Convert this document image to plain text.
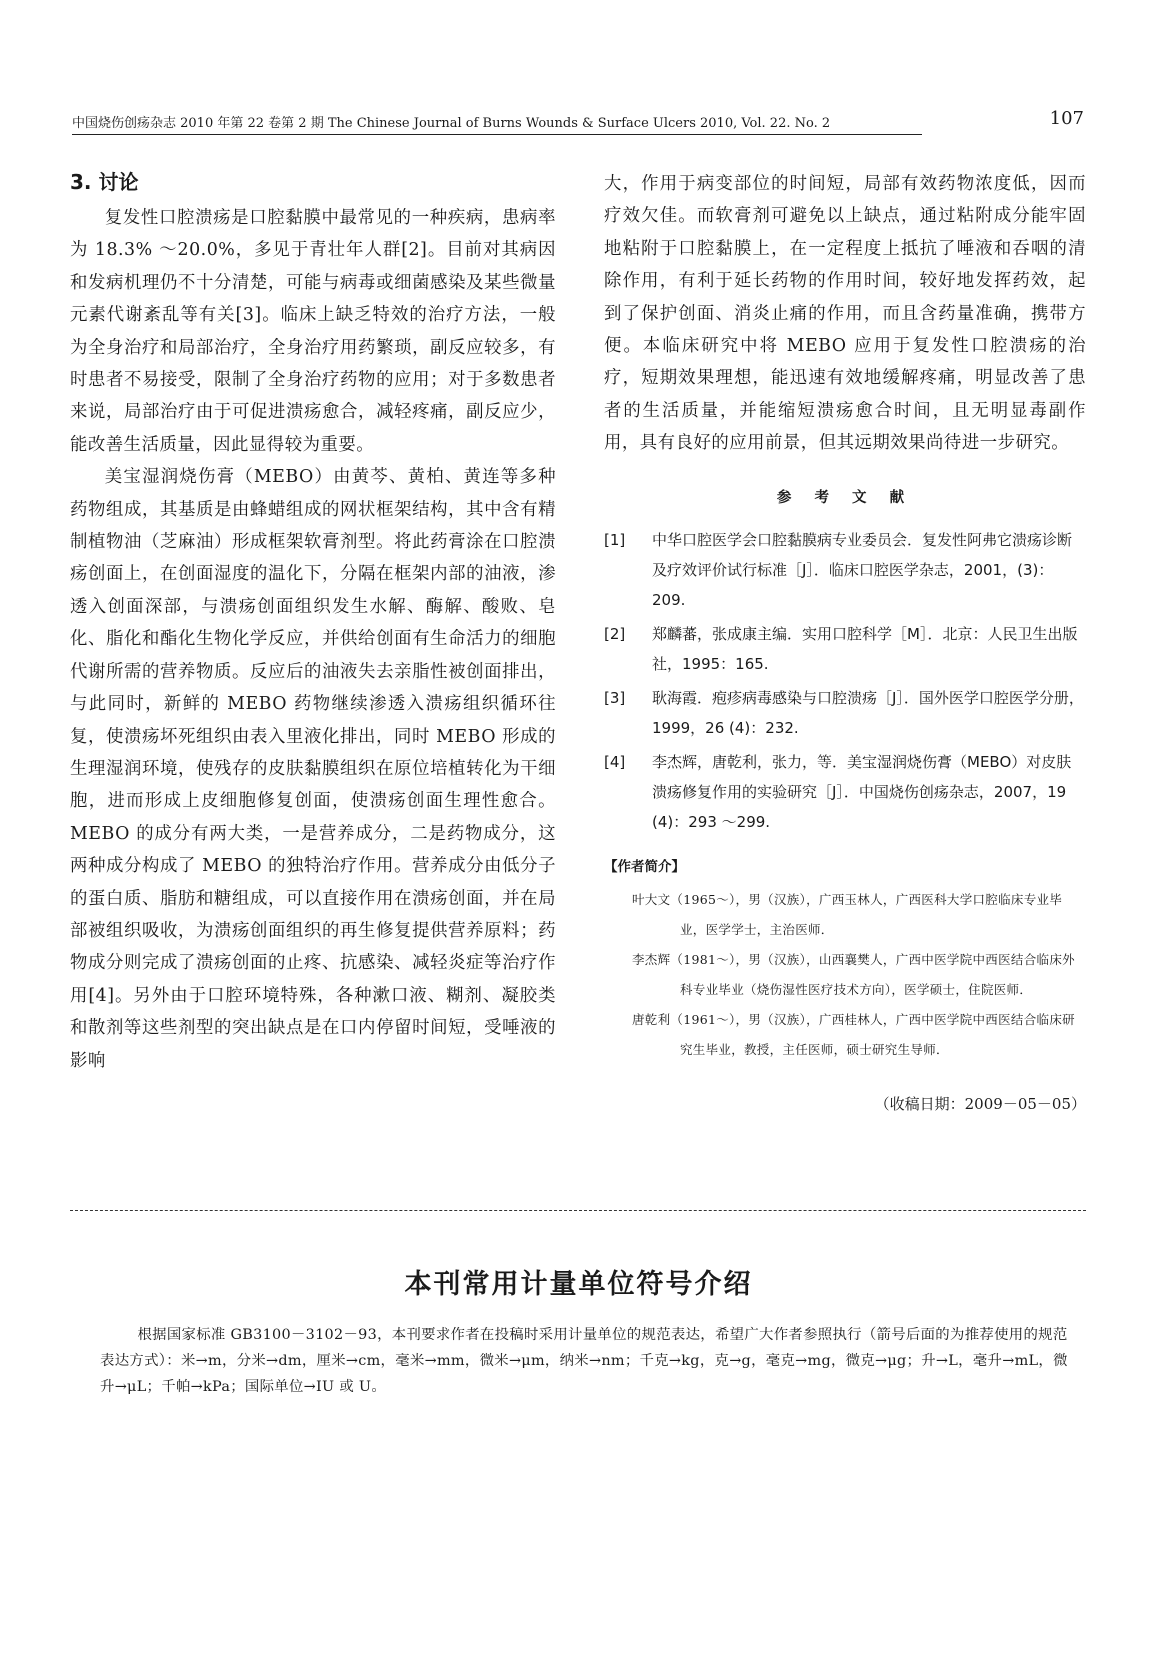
中国烧伤创疡杂志 2010 年第 22 卷第 2 期 The Chinese Journal of Burns Wounds & Surface Ulcers 2010, Vol. 22. No. 2	107
3. 讨论

复发性口腔溃疡是口腔黏膜中最常见的一种疾病，患病率为 18.3% ～20.0%，多见于青壮年人群[2]。目前对其病因和发病机理仍不十分清楚，可能与病毒或细菌感染及某些微量元素代谢紊乱等有关[3]。临床上缺乏特效的治疗方法，一般为全身治疗和局部治疗，全身治疗用药繁琐，副反应较多，有时患者不易接受，限制了全身治疗药物的应用；对于多数患者来说，局部治疗由于可促进溃疡愈合，减轻疼痛，副反应少，能改善生活质量，因此显得较为重要。

美宝湿润烧伤膏（MEBO）由黄芩、黄柏、黄连等多种药物组成，其基质是由蜂蜡组成的网状框架结构，其中含有精制植物油（芝麻油）形成框架软膏剂型。将此药膏涂在口腔溃疡创面上，在创面湿度的温化下，分隔在框架内部的油液，渗透入创面深部，与溃疡创面组织发生水解、酶解、酸败、皂化、脂化和酯化生物化学反应，并供给创面有生命活力的细胞代谢所需的营养物质。反应后的油液失去亲脂性被创面排出，与此同时，新鲜的 MEBO 药物继续渗透入溃疡组织循环往复，使溃疡坏死组织由表入里液化排出，同时 MEBO 形成的生理湿润环境，使残存的皮肤黏膜组织在原位培植转化为干细胞，进而形成上皮细胞修复创面，使溃疡创面生理性愈合。MEBO 的成分有两大类，一是营养成分，二是药物成分，这两种成分构成了 MEBO 的独特治疗作用。营养成分由低分子的蛋白质、脂肪和糖组成，可以直接作用在溃疡创面，并在局部被组织吸收，为溃疡创面组织的再生修复提供营养原料；药物成分则完成了溃疡创面的止疼、抗感染、减轻炎症等治疗作用[4]。另外由于口腔环境特殊，各种漱口液、糊剂、凝胶类和散剂等这些剂型的突出缺点是在口内停留时间短，受唾液的影响

大，作用于病变部位的时间短，局部有效药物浓度低，因而疗效欠佳。而软膏剂可避免以上缺点，通过粘附成分能牢固地粘附于口腔黏膜上，在一定程度上抵抗了唾液和吞咽的清除作用，有利于延长药物的作用时间，较好地发挥药效，起到了保护创面、消炎止痛的作用，而且含药量准确，携带方便。本临床研究中将 MEBO 应用于复发性口腔溃疡的治疗，短期效果理想，能迅速有效地缓解疼痛，明显改善了患者的生活质量，并能缩短溃疡愈合时间，且无明显毒副作用，具有良好的应用前景，但其远期效果尚待进一步研究。

参 考 文 献
[1] 中华口腔医学会口腔黏膜病专业委员会．复发性阿弗它溃疡诊断及疗效评价试行标准［J］．临床口腔医学杂志，2001，(3)：209.
[2] 郑麟蕃，张成康主编．实用口腔科学［M］．北京：人民卫生出版社，1995：165.
[3] 耿海霞．疱疹病毒感染与口腔溃疡［J］．国外医学口腔医学分册，1999，26 (4)：232.
[4] 李杰辉，唐乾利，张力，等．美宝湿润烧伤膏（MEBO）对皮肤溃疡修复作用的实验研究［J］．中国烧伤创疡杂志，2007，19 (4)：293 ～299.
【作者简介】

叶大文（1965～），男（汉族），广西玉林人，广西医科大学口腔临床专业毕业，医学学士，主治医师．

李杰辉（1981～），男（汉族），山西襄樊人，广西中医学院中西医结合临床外科专业毕业（烧伤湿性医疗技术方向），医学硕士，住院医师．

唐乾利（1961～），男（汉族），广西桂林人，广西中医学院中西医结合临床研究生毕业，教授，主任医师，硕士研究生导师．

（收稿日期：2009－05－05）
本刊常用计量单位符号介绍

根据国家标准 GB3100－3102－93，本刊要求作者在投稿时采用计量单位的规范表达，希望广大作者参照执行（箭号后面的为推荐使用的规范表达方式）：米→m，分米→dm，厘米→cm，毫米→mm，微米→μm，纳米→nm；千克→kg，克→g，毫克→mg，微克→μg；升→L，毫升→mL，微升→μL；千帕→kPa；国际单位→IU 或 U。
